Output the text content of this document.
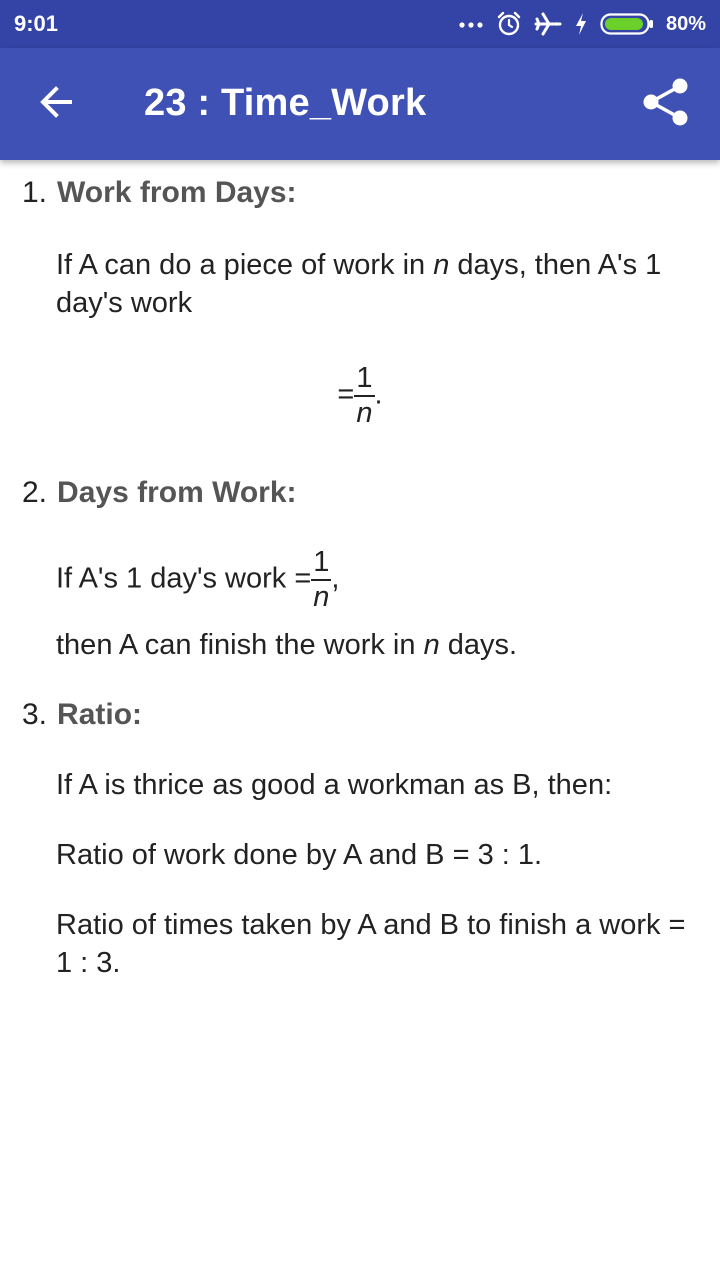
9:01	80%
23 : Time_Work
1. Work from Days:
If A can do a piece of work in n days, then A's 1 day's work
= $\frac{1}{n}$ .
2. Days from Work:
If A's 1 day's work = $\frac{1}{n}$ ,
then A can finish the work in n days.
3. Ratio:
If A is thrice as good a workman as B, then:
Ratio of work done by A and B = 3 : 1.
Ratio of times taken by A and B to finish a work = 1 : 3.
